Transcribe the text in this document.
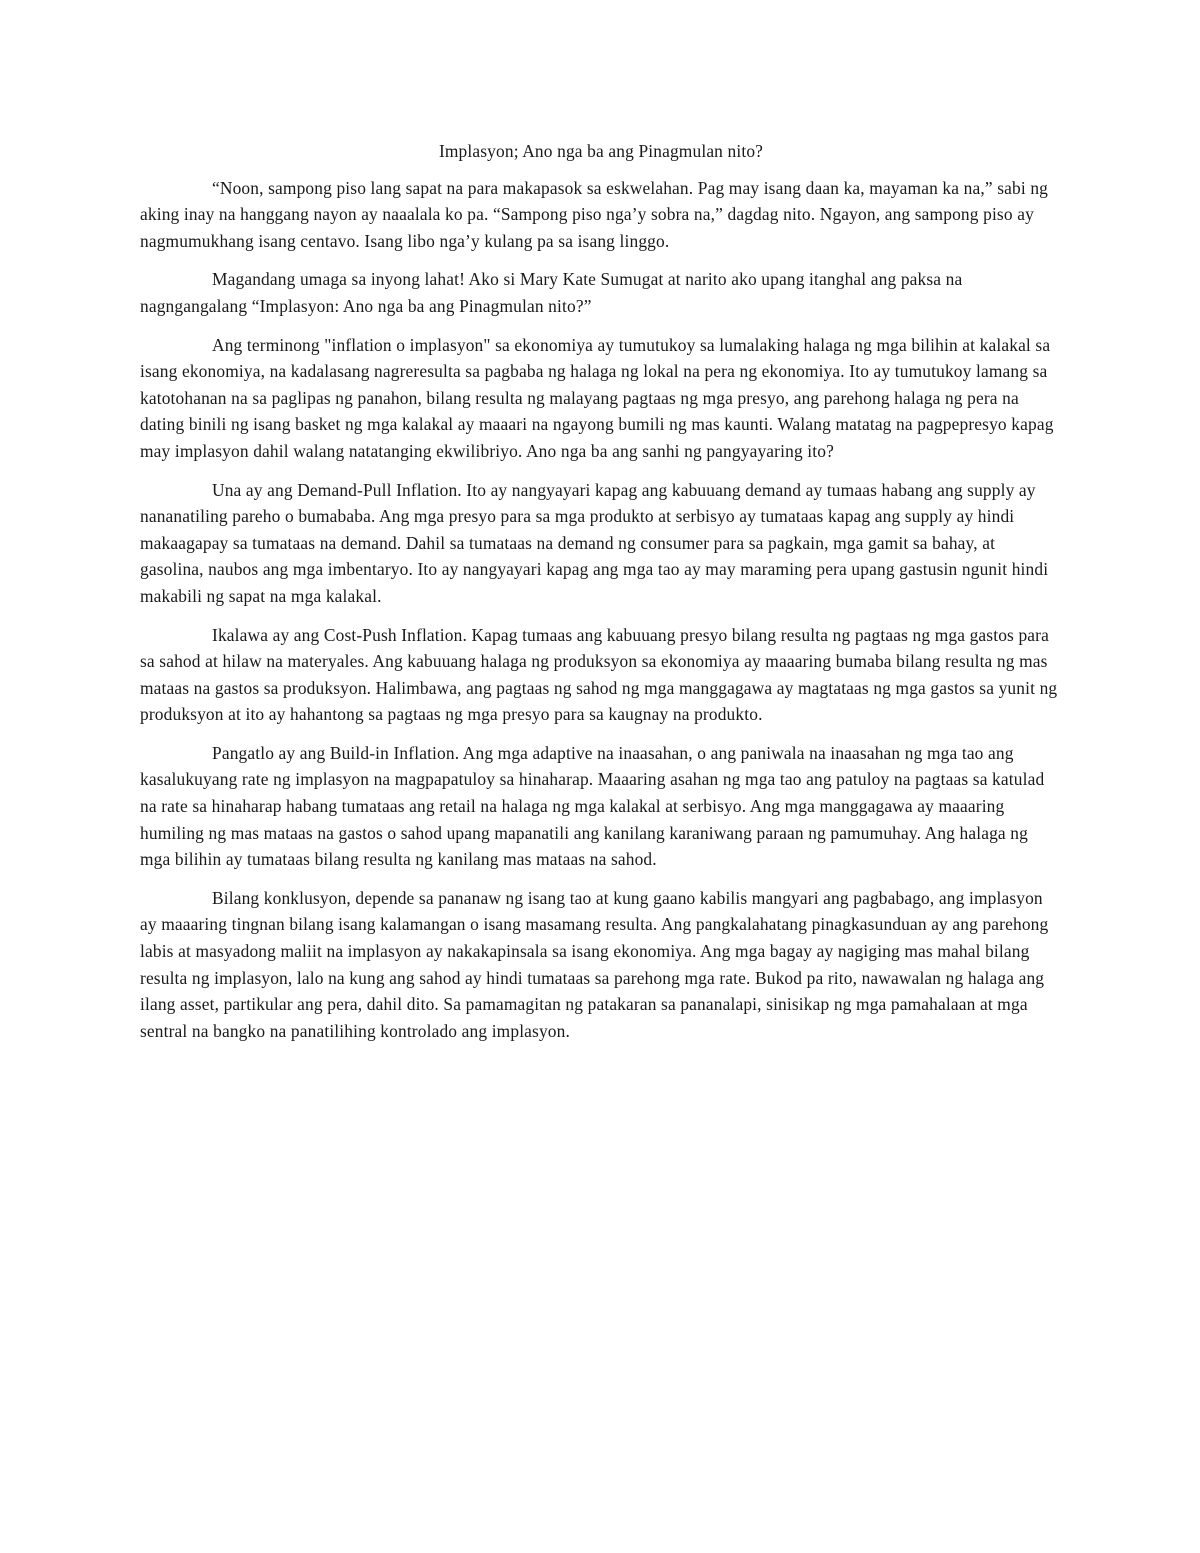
Implasyon; Ano nga ba ang Pinagmulan nito?

“Noon, sampong piso lang sapat na para makapasok sa eskwelahan. Pag may isang daan ka, mayaman ka na,” sabi ng aking inay na hanggang nayon ay naaalala ko pa. “Sampong piso nga’y sobra na,” dagdag nito. Ngayon, ang sampong piso ay nagmumukhang isang centavo. Isang libo nga’y kulang pa sa isang linggo.

Magandang umaga sa inyong lahat! Ako si Mary Kate Sumugat at narito ako upang itanghal ang paksa na nagngangalang “Implasyon: Ano nga ba ang Pinagmulan nito?”

Ang terminong "inflation o implasyon" sa ekonomiya ay tumutukoy sa lumalaking halaga ng mga bilihin at kalakal sa isang ekonomiya, na kadalasang nagreresulta sa pagbaba ng halaga ng lokal na pera ng ekonomiya. Ito ay tumutukoy lamang sa katotohanan na sa paglipas ng panahon, bilang resulta ng malayang pagtaas ng mga presyo, ang parehong halaga ng pera na dating binili ng isang basket ng mga kalakal ay maaari na ngayong bumili ng mas kaunti. Walang matatag na pagpepresyo kapag may implasyon dahil walang natatanging ekwilibriyo. Ano nga ba ang sanhi ng pangyayaring ito?

Una ay ang Demand-Pull Inflation. Ito ay nangyayari kapag ang kabuuang demand ay tumaas habang ang supply ay nananatiling pareho o bumababa. Ang mga presyo para sa mga produkto at serbisyo ay tumataas kapag ang supply ay hindi makaagapay sa tumataas na demand. Dahil sa tumataas na demand ng consumer para sa pagkain, mga gamit sa bahay, at gasolina, naubos ang mga imbentaryo. Ito ay nangyayari kapag ang mga tao ay may maraming pera upang gastusin ngunit hindi makabili ng sapat na mga kalakal.

Ikalawa ay ang Cost-Push Inflation. Kapag tumaas ang kabuuang presyo bilang resulta ng pagtaas ng mga gastos para sa sahod at hilaw na materyales. Ang kabuuang halaga ng produksyon sa ekonomiya ay maaaring bumaba bilang resulta ng mas mataas na gastos sa produksyon. Halimbawa, ang pagtaas ng sahod ng mga manggagawa ay magtataas ng mga gastos sa yunit ng produksyon at ito ay hahantong sa pagtaas ng mga presyo para sa kaugnay na produkto.

Pangatlo ay ang Build-in Inflation. Ang mga adaptive na inaasahan, o ang paniwala na inaasahan ng mga tao ang kasalukuyang rate ng implasyon na magpapatuloy sa hinaharap. Maaaring asahan ng mga tao ang patuloy na pagtaas sa katulad na rate sa hinaharap habang tumataas ang retail na halaga ng mga kalakal at serbisyo. Ang mga manggagawa ay maaaring humiling ng mas mataas na gastos o sahod upang mapanatili ang kanilang karaniwang paraan ng pamumuhay. Ang halaga ng mga bilihin ay tumataas bilang resulta ng kanilang mas mataas na sahod.

Bilang konklusyon, depende sa pananaw ng isang tao at kung gaano kabilis mangyari ang pagbabago, ang implasyon ay maaaring tingnan bilang isang kalamangan o isang masamang resulta. Ang pangkalahatang pinagkasunduan ay ang parehong labis at masyadong maliit na implasyon ay nakakapinsala sa isang ekonomiya. Ang mga bagay ay nagiging mas mahal bilang resulta ng implasyon, lalo na kung ang sahod ay hindi tumataas sa parehong mga rate. Bukod pa rito, nawawalan ng halaga ang ilang asset, partikular ang pera, dahil dito. Sa pamamagitan ng patakaran sa pananalapi, sinisikap ng mga pamahalaan at mga sentral na bangko na panatilihing kontrolado ang implasyon.
